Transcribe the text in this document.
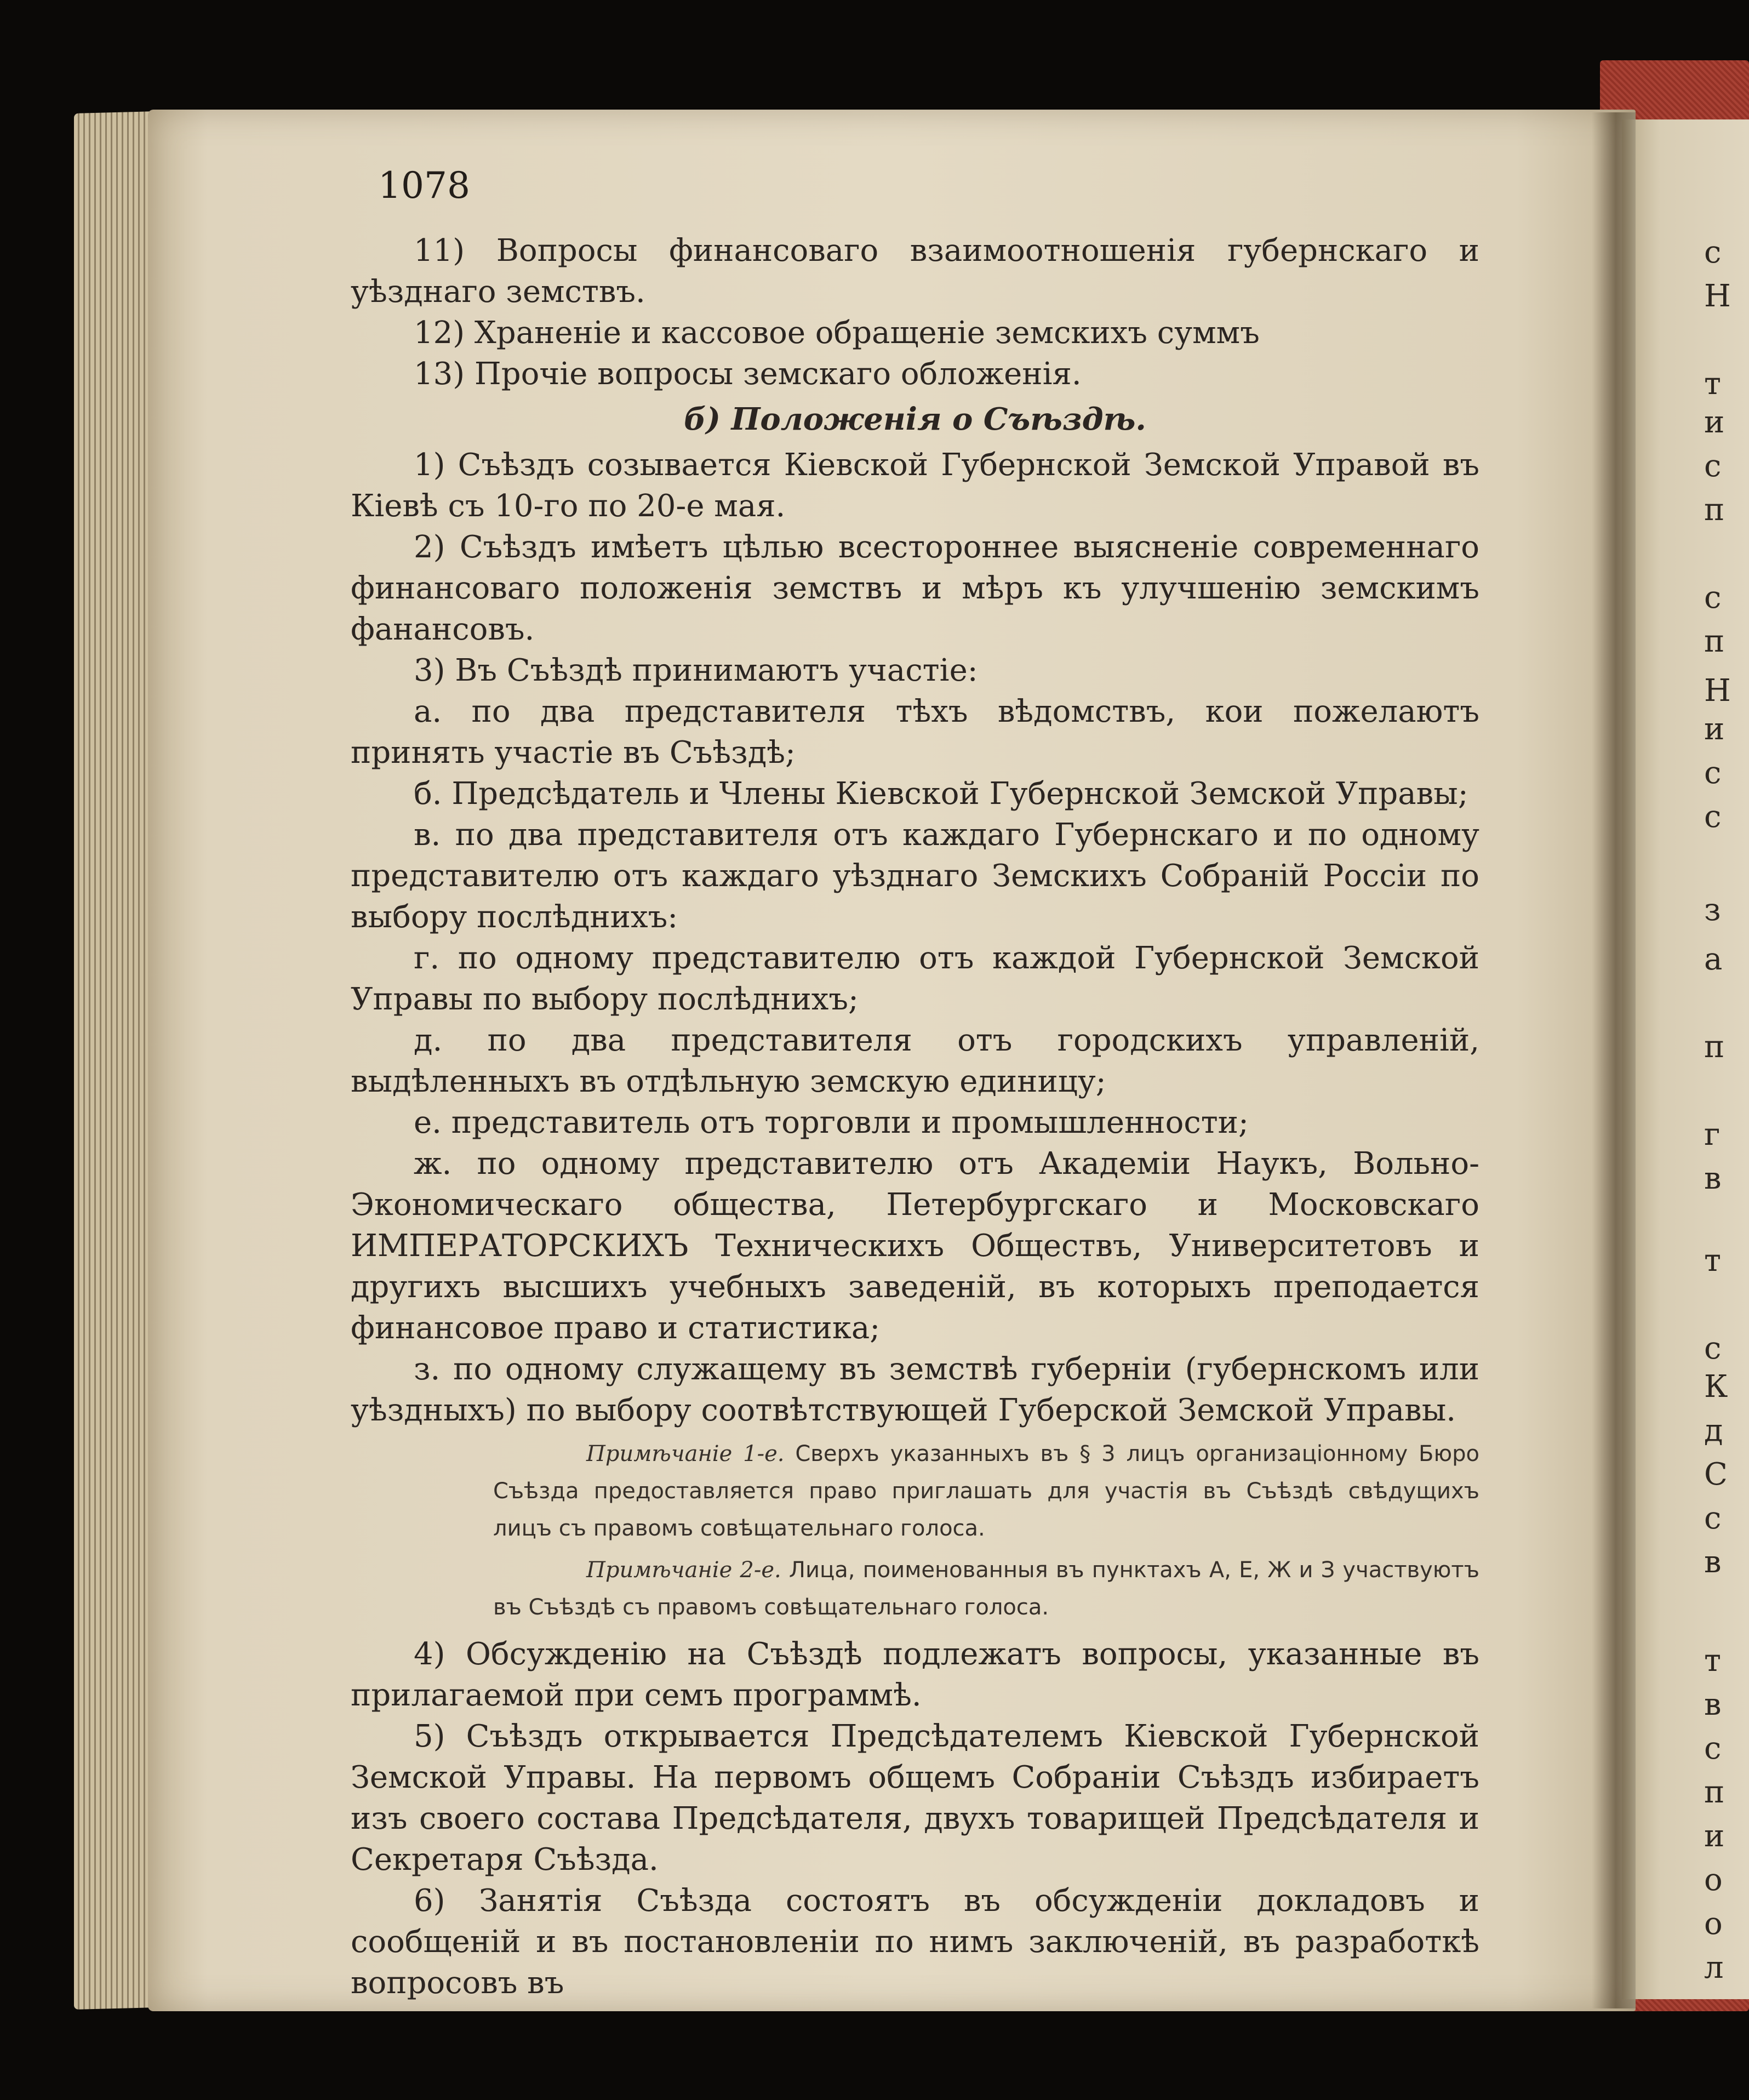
с
Н
т
и
с
п
с
п
Н
и
с
с
з
а
п
г
в
т
с
К
д
С
с
в
т
в
с
п
и
о
о
л
1078

11) Вопросы финансоваго взаимоотношенія губернскаго и уѣзднаго земствъ.

12) Храненіе и кассовое обращеніе земскихъ суммъ

13) Прочіе вопросы земскаго обложенія.

б) Положенія о Съѣздѣ.

1) Съѣздъ созывается Кіевской Губернской Земской Управой въ Кіевѣ съ 10-го по 20-е мая.

2) Съѣздъ имѣетъ цѣлью всестороннее выясненіе современнаго финансоваго положенія земствъ и мѣръ къ улучшенію земскимъ фанансовъ.

3) Въ Съѣздѣ принимаютъ участіе:

а. по два представителя тѣхъ вѣдомствъ, кои пожелаютъ принять участіе въ Съѣздѣ;

б. Предсѣдатель и Члены Кіевской Губернской Земской Управы;

в. по два представителя отъ каждаго Губернскаго и по одному представителю отъ каждаго уѣзднаго Земскихъ Собраній Россіи по выбору послѣднихъ:

г. по одному представителю отъ каждой Губернской Земской Управы по выбору послѣднихъ;

д. по два представителя отъ городскихъ управленій, выдѣленныхъ въ отдѣльную земскую единицу;

е. представитель отъ торговли и промышленности;

ж. по одному представителю отъ Академіи Наукъ, Вольно-Экономическаго общества, Петербургскаго и Московскаго ИМПЕРАТОРСКИХЪ Техническихъ Обществъ, Университетовъ и другихъ высшихъ учебныхъ заведеній, въ которыхъ преподается финансовое право и статистика;

з. по одному служащему въ земствѣ губерніи (губернскомъ или уѣздныхъ) по выбору соотвѣтствующей Губерской Земской Управы.

Примѣчаніе 1-е. Сверхъ указанныхъ въ § 3 лицъ организаціонному Бюро Съѣзда предоставляется право приглашать для участія въ Съѣздѣ свѣдущихъ лицъ съ правомъ совѣщательнаго голоса.

Примѣчаніе 2-е. Лица, поименованныя въ пунктахъ А, Е, Ж и З участвуютъ въ Съѣздѣ съ правомъ совѣщательнаго голоса.

4) Обсужденію на Съѣздѣ подлежатъ вопросы, указанные въ прилагаемой при семъ программѣ.

5) Съѣздъ открывается Предсѣдателемъ Кіевской Губернской Земской Управы. На первомъ общемъ Собраніи Съѣздъ избираетъ изъ своего состава Предсѣдателя, двухъ товарищей Предсѣдателя и Секретаря Съѣзда.

6) Занятія Съѣзда состоятъ въ обсужденіи докладовъ и сообщеній и въ постановленіи по нимъ заключеній, въ разработкѣ вопросовъ въ
